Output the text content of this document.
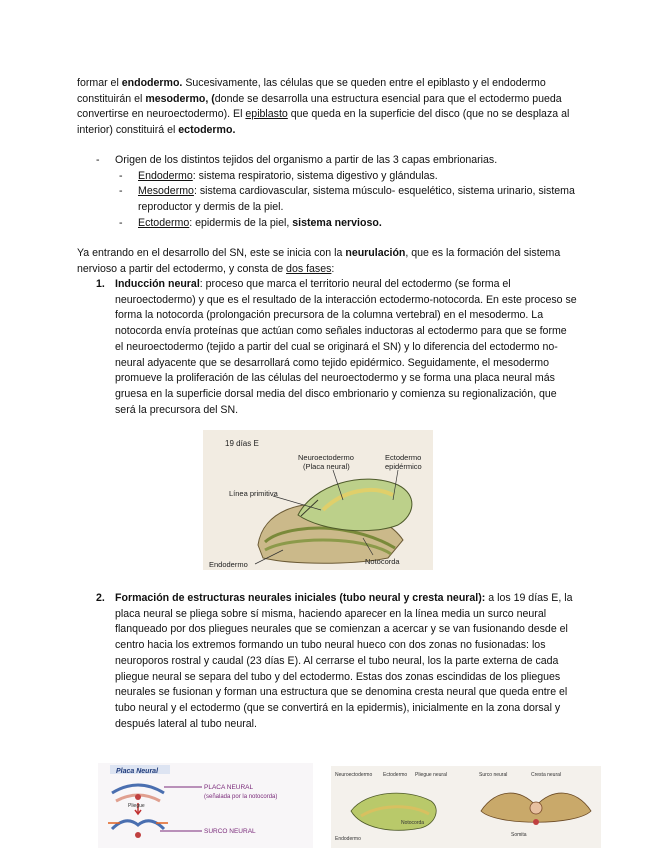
formar el endodermo. Sucesivamente, las células que se queden entre el epiblasto y el endodermo constituirán el mesodermo, (donde se desarrolla una estructura esencial para que el ectodermo pueda convertirse en neuroectodermo). El epiblasto que queda en la superficie del disco (que no se desplaza al interior) constituirá el ectodermo.

- Origen de los distintos tejidos del organismo a partir de las 3 capas embrionarias.
- Endodermo: sistema respiratorio, sistema digestivo y glándulas.
- Mesodermo: sistema cardiovascular, sistema músculo- esquelético, sistema urinario, sistema reproductor y dermis de la piel.
- Ectodermo: epidermis de la piel, sistema nervioso.

Ya entrando en el desarrollo del SN, este se inicia con la neurulación, que es la formación del sistema nervioso a partir del ectodermo, y consta de dos fases:

1. Inducción neural: proceso que marca el territorio neural del ectodermo (se forma el neuroectodermo) y que es el resultado de la interacción ectodermo-notocorda. En este proceso se forma la notocorda (prolongación precursora de la columna vertebral) en el mesodermo. La notocorda envía proteínas que actúan como señales inductoras al ectodermo para que se forme el neuroectodermo (tejido a partir del cual se originará el SN) y lo diferencia del ectodermo no-neural adyacente que se desarrollará como tejido epidérmico. Seguidamente, el mesodermo promueve la proliferación de las células del neuroectodermo y se forma una placa neural más gruesa en la superficie dorsal media del disco embrionario y comienza su regionalización, que será la precursora del SN.
19 días E
Neuroectodermo
(Placa neural)
Ectodermo
epidérmico
Línea primitiva
Endodermo	Notocorda
2. Formación de estructuras neurales iniciales (tubo neural y cresta neural): a los 19 días E, la placa neural se pliega sobre sí misma, haciendo aparecer en la línea media un surco neural flanqueado por dos pliegues neurales que se comienzan a acercar y se van fusionando desde el centro hacia los extremos formando un tubo neural hueco con dos zonas no fusionadas: los neuroporos rostral y caudal (23 días E). Al cerrarse el tubo neural, los la parte externa de cada pliegue neural se separa del tubo y del ectodermo. Estas dos zonas escindidas de los pliegues neurales se fusionan y forman una estructura que se denomina cresta neural que queda entre el tubo neural y el ectodermo (que se convertirá en la epidermis), inicialmente en la zona dorsal y después lateral al tubo neural.
Placa Neural
Pliegue
PLACA NEURAL
(señalada por la notocorda)
SURCO NEURAL
Neuroectodermo Ectodermo Pliegue neural	Surco neural	Cresta neural
Notocorda
Somita
Endodermo
